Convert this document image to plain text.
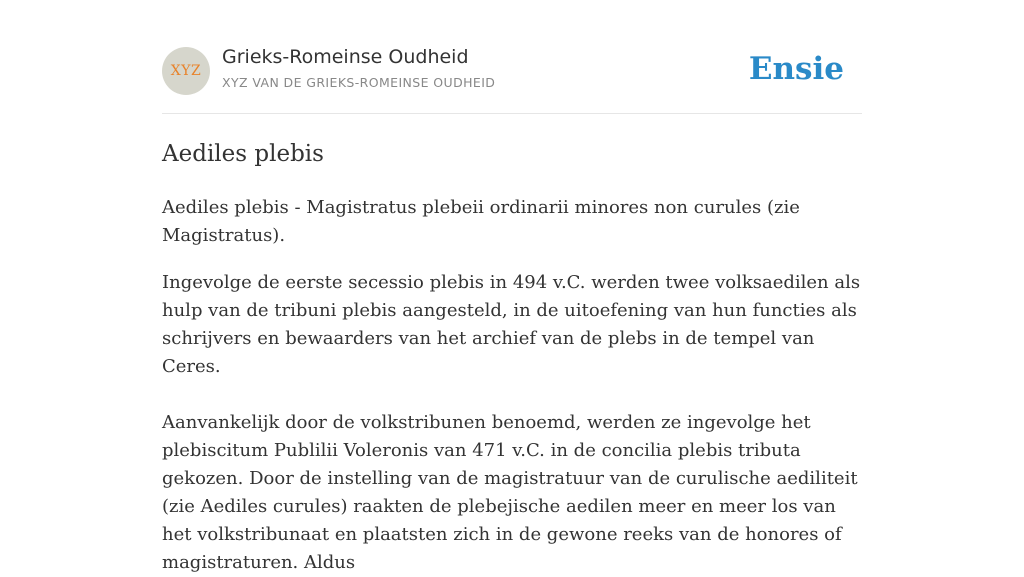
XYZ
Grieks-Romeinse Oudheid
XYZ VAN DE GRIEKS-ROMEINSE OUDHEID	Ensie
Aediles plebis

Aediles plebis - Magistratus plebeii ordinarii minores non curules (zie Magistratus).

Ingevolge de eerste secessio plebis in 494 v.C. werden twee volksaedilen als hulp van de tribuni plebis aangesteld, in de uitoefening van hun functies als schrijvers en bewaarders van het archief van de plebs in de tempel van Ceres.

Aanvankelijk door de volkstribunen benoemd, werden ze ingevolge het plebiscitum Publilii Voleronis van 471 v.C. in de concilia plebis tributa gekozen. Door de instelling van de magistratuur van de curulische aediliteit (zie Aediles curules) raakten de plebejische aedilen meer en meer los van het volkstribunaat en plaatsten zich in de gewone reeks van de honores of magistraturen. Aldus
